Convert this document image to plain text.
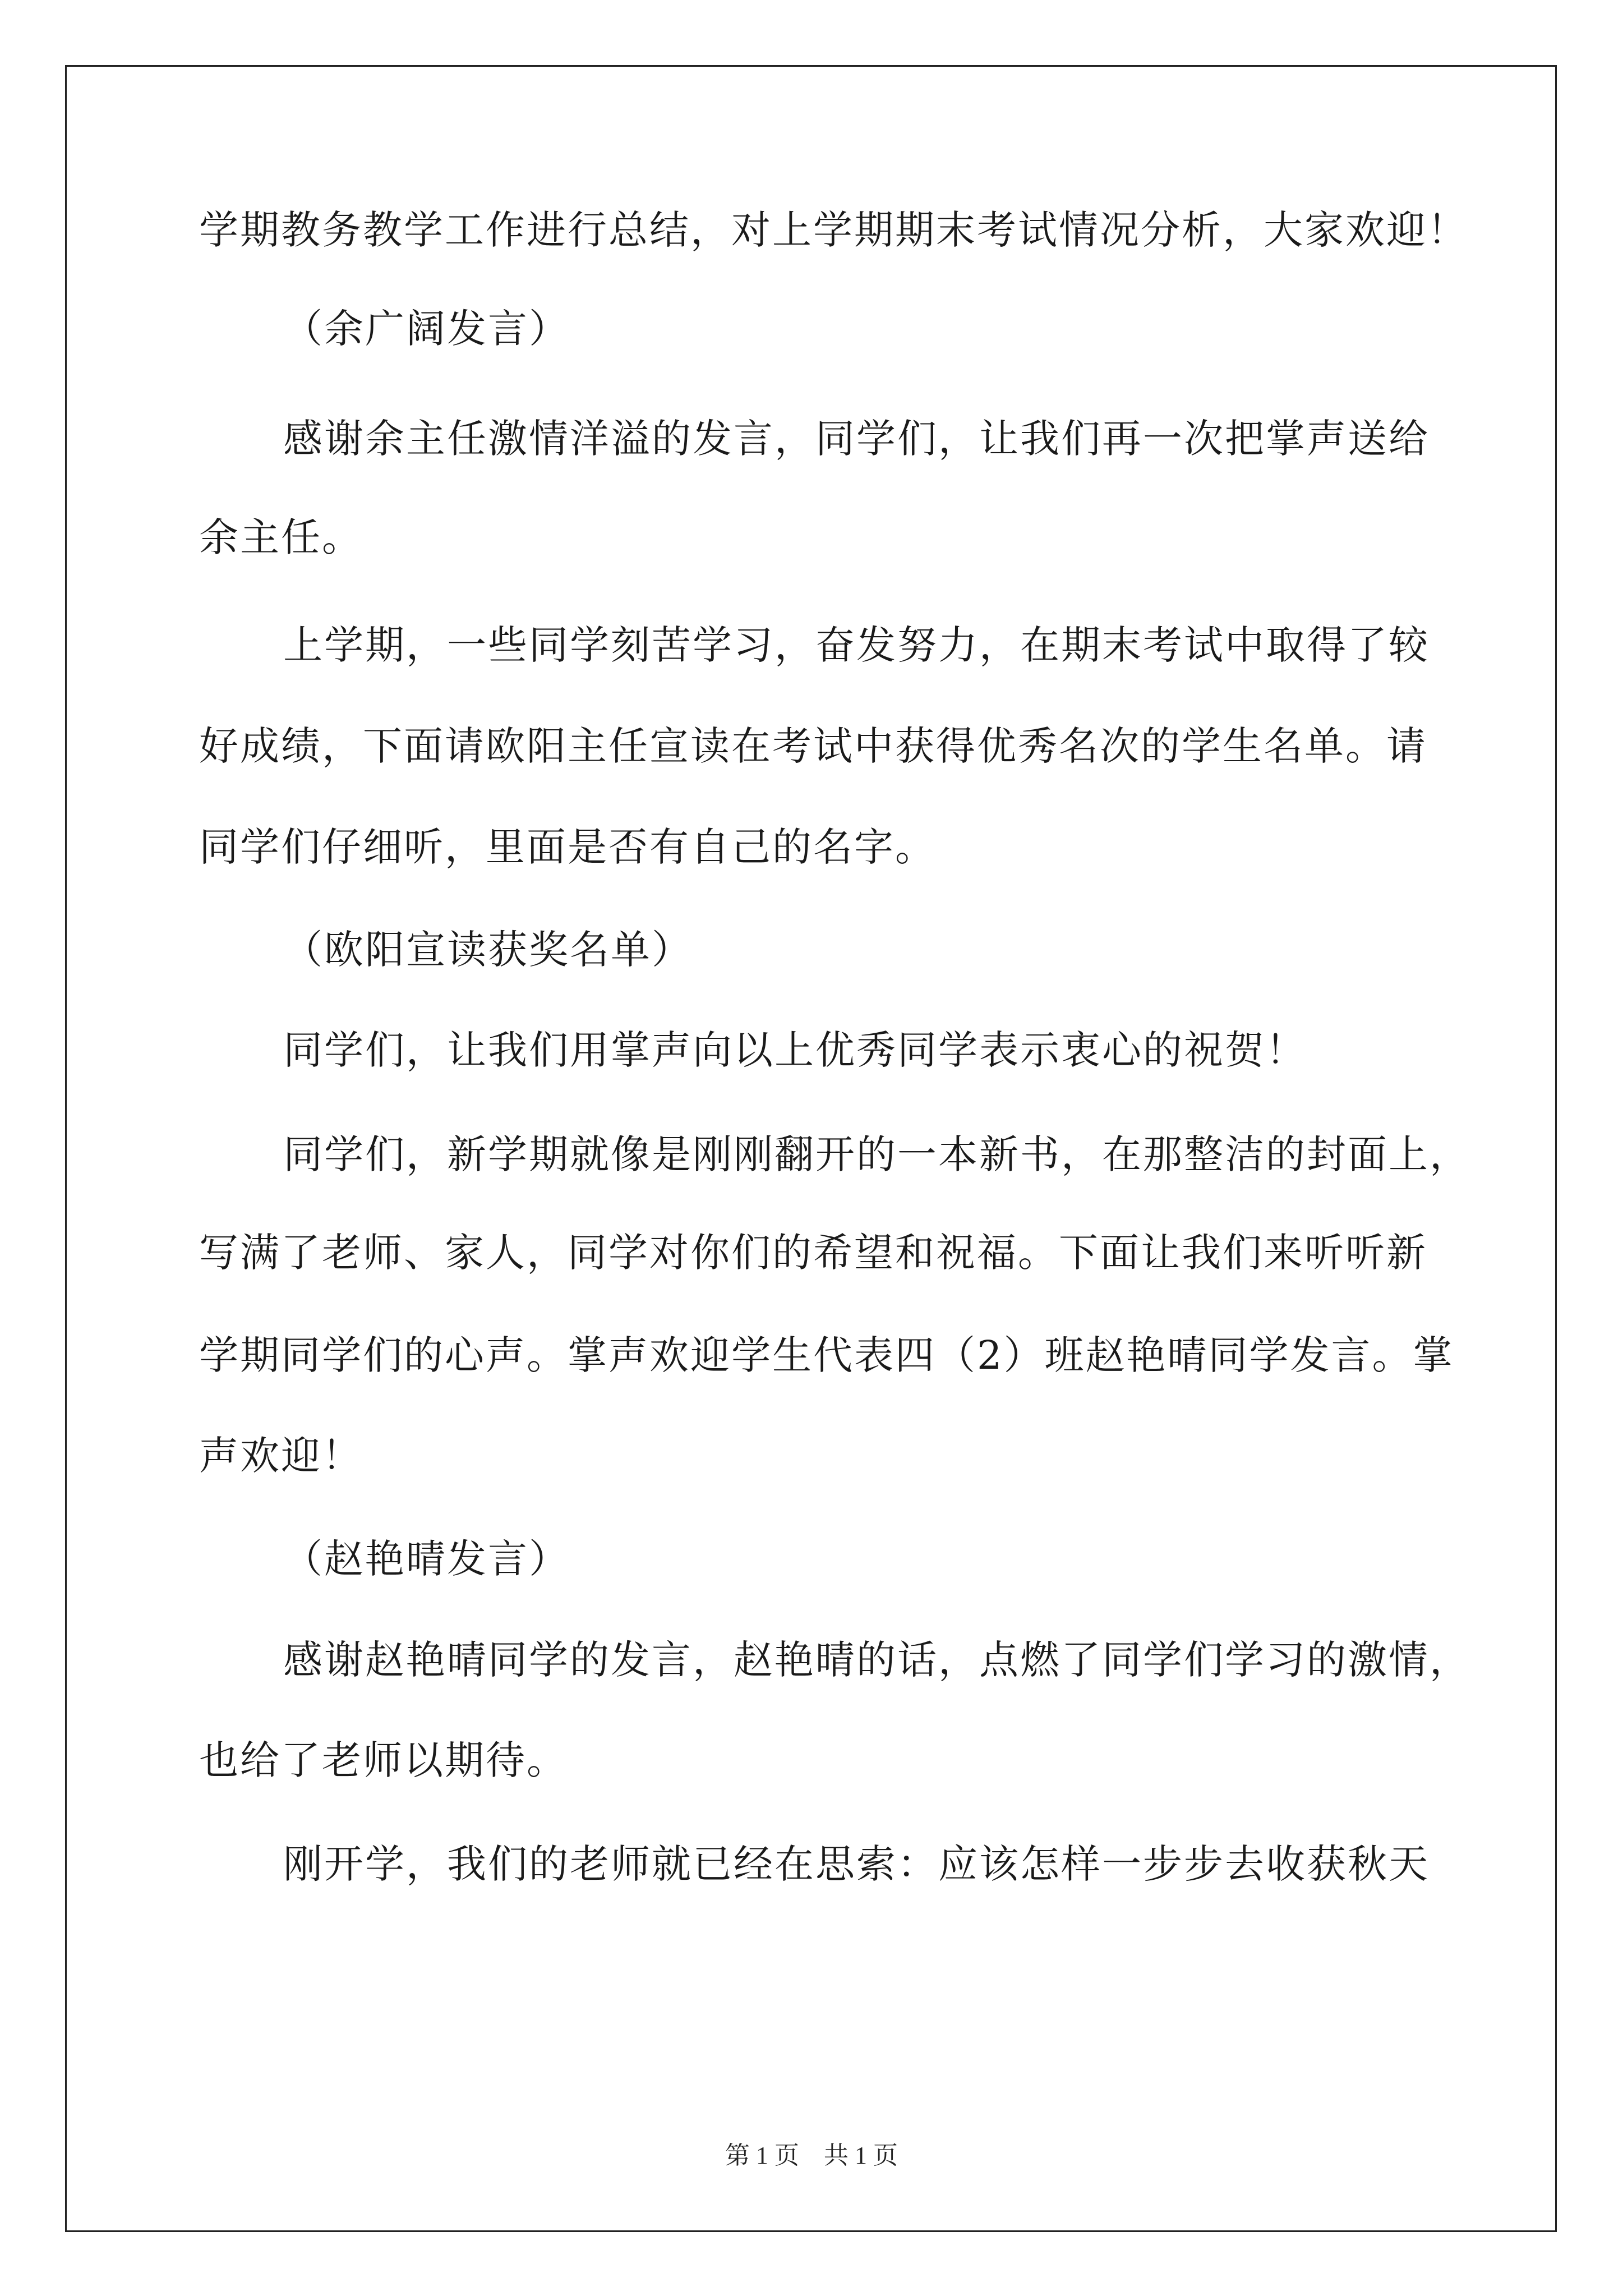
学期教务教学工作进行总结，对上学期期末考试情况分析，大家欢迎！
（余广阔发言）
感谢余主任激情洋溢的发言，同学们，让我们再一次把掌声送给
余主任。
上学期，一些同学刻苦学习，奋发努力，在期末考试中取得了较
好成绩，下面请欧阳主任宣读在考试中获得优秀名次的学生名单。请
同学们仔细听，里面是否有自己的名字。
（欧阳宣读获奖名单）
同学们，让我们用掌声向以上优秀同学表示衷心的祝贺！
同学们，新学期就像是刚刚翻开的一本新书，在那整洁的封面上，
写满了老师、家人，同学对你们的希望和祝福。下面让我们来听听新
学期同学们的心声。掌声欢迎学生代表四（2）班赵艳晴同学发言。掌
声欢迎！
（赵艳晴发言）
感谢赵艳晴同学的发言，赵艳晴的话，点燃了同学们学习的激情，
也给了老师以期待。
刚开学，我们的老师就已经在思索：应该怎样一步步去收获秋天
第 1 页 共 1 页
